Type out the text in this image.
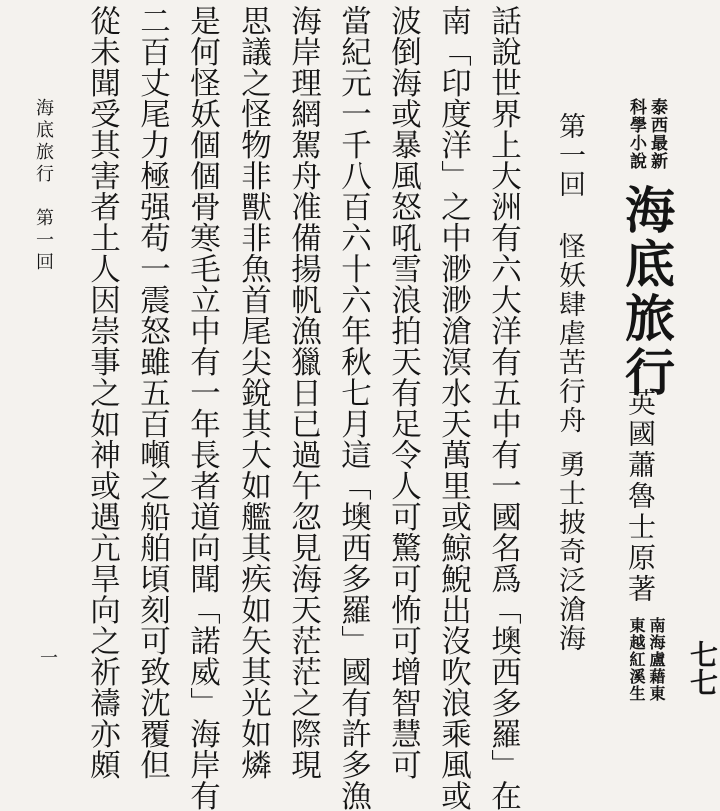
七七
南海盧藉東
東越紅溪生
泰西最新
科學小說
海底旅行
英國蕭魯士原著
第一回
怪妖肆虐苦行舟
勇士披奇泛滄海
話說世界上大洲有六大洋有五中有一國名爲「墺西多羅」在
南「印度洋」之中渺渺滄溟水天萬里或鯨鯢出沒吹浪乘風或
波倒海或暴風怒吼雪浪拍天有足令人可驚可怖可增智慧可
當紀元一千八百六十六年秋七月這「墺西多羅」國有許多漁
海岸理網駕舟准備揚帆漁獵日已過午忽見海天茫茫之際現
思議之怪物非獸非魚首尾尖銳其大如艦其疾如矢其光如燐
是何怪妖個個骨寒毛立中有一年長者道向聞「諾威」海岸有
二百丈尾力極强苟一震怒雖五百噸之船舶頃刻可致沈覆但
從未聞受其害者土人因崇事之如神或遇亢旱向之祈禱亦頗
海底旅行
第一回
一
